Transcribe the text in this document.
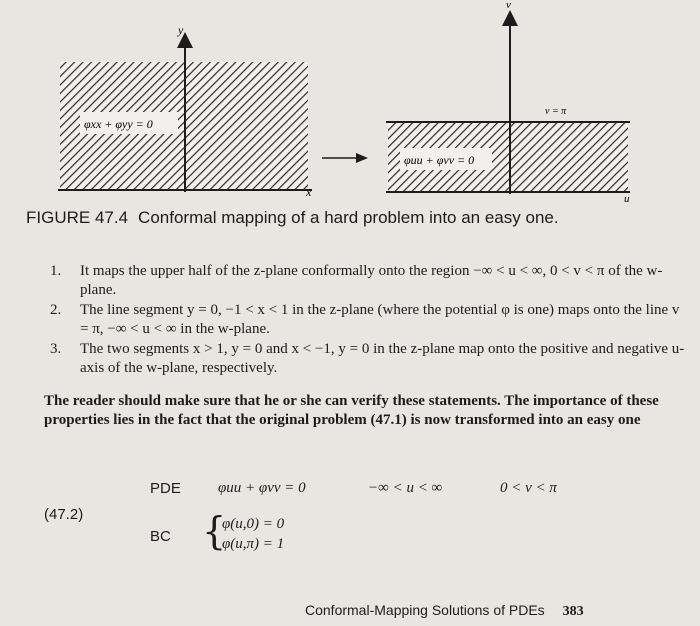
y
x
φxx + φyy = 0
v
v = π
u
φuu + φvv = 0
FIGURE 47.4 Conformal mapping of a hard problem into an easy one.
1. It maps the upper half of the z-plane conformally onto the region −∞ < u < ∞, 0 < v < π of the w-plane.
2. The line segment y = 0, −1 < x < 1 in the z-plane (where the potential φ is one) maps onto the line v = π, −∞ < u < ∞ in the w-plane.
3. The two segments x > 1, y = 0 and x < −1, y = 0 in the z-plane map onto the positive and negative u-axis of the w-plane, respectively.
The reader should make sure that he or she can verify these statements. The importance of these properties lies in the fact that the original problem (47.1) is now transformed into an easy one
PDE φuu + φvv = 0	−∞ < u < ∞	0 < v < π
(47.2)
BC {
φ(u,0) = 0
φ(u,π) = 1
Conformal-Mapping Solutions of PDEs 383
